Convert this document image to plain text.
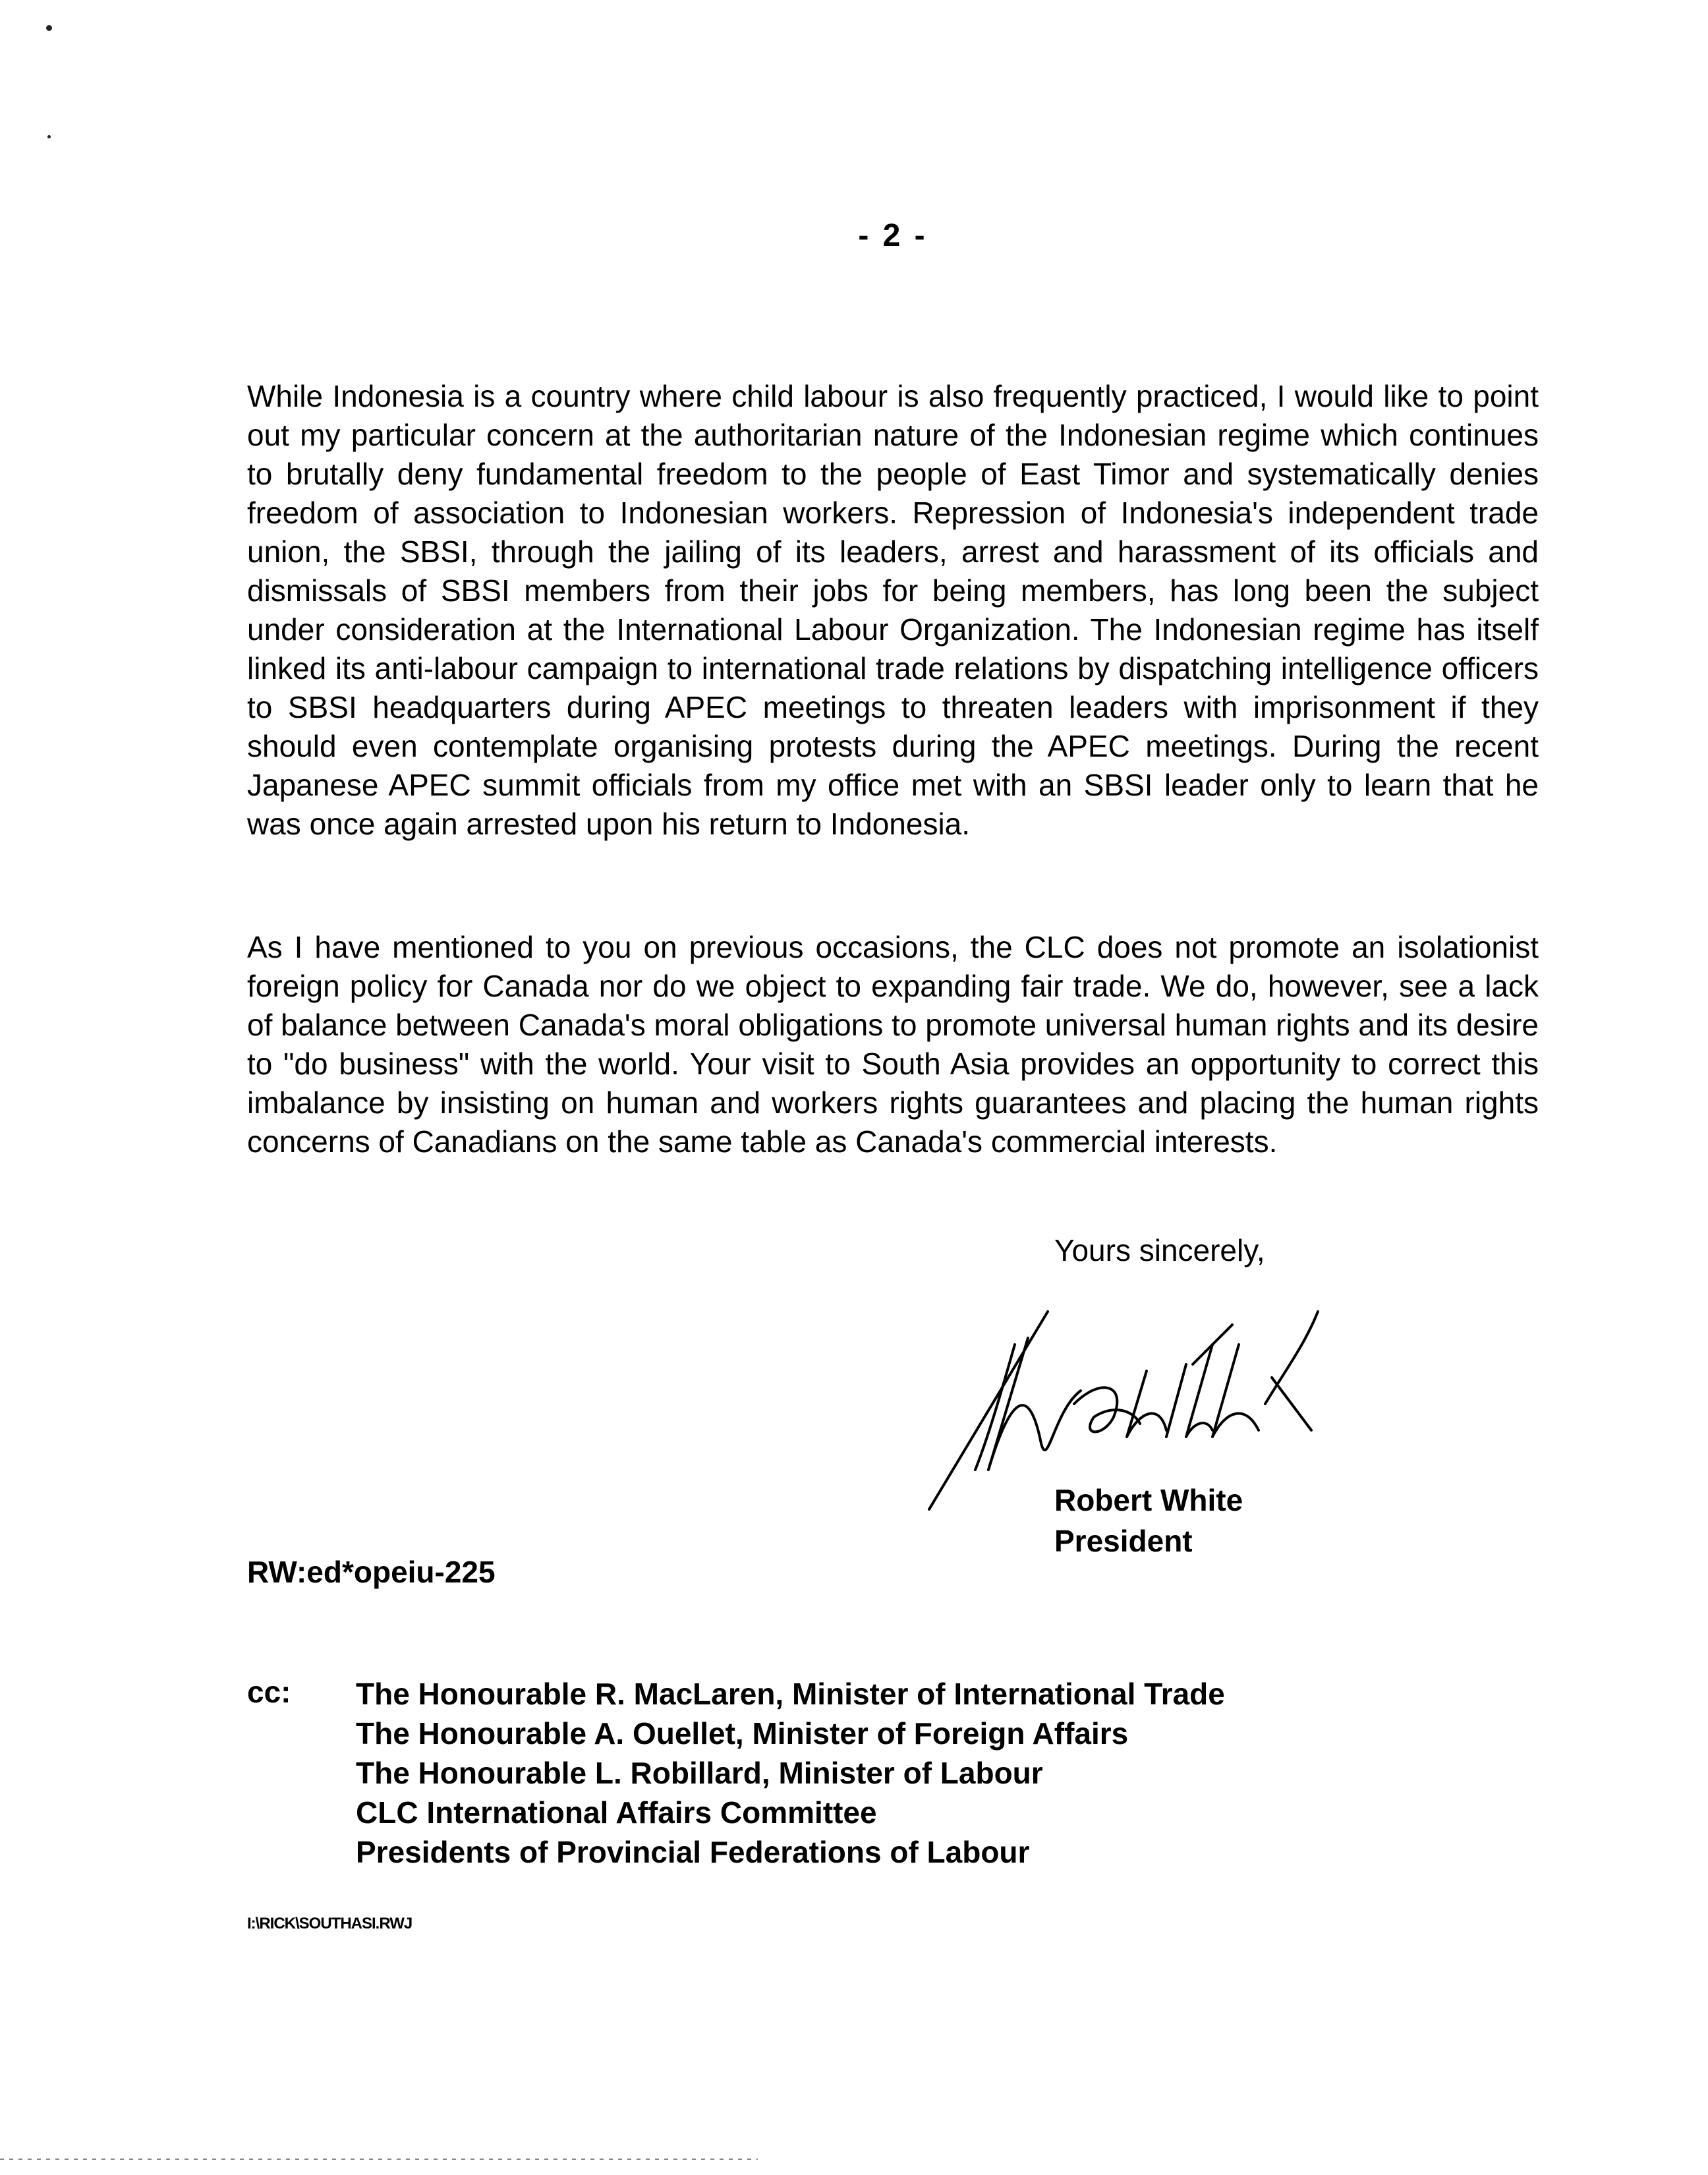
- 2 -

While Indonesia is a country where child labour is also frequently practiced, I would like to point out my particular concern at the authoritarian nature of the Indonesian regime which continues to brutally deny fundamental freedom to the people of East Timor and systematically denies freedom of association to Indonesian workers. Repression of Indonesia's independent trade union, the SBSI, through the jailing of its leaders, arrest and harassment of its officials and dismissals of SBSI members from their jobs for being members, has long been the subject under consideration at the International Labour Organization. The Indonesian regime has itself linked its anti-labour campaign to international trade relations by dispatching intelligence officers to SBSI headquarters during APEC meetings to threaten leaders with imprisonment if they should even contemplate organising protests during the APEC meetings. During the recent Japanese APEC summit officials from my office met with an SBSI leader only to learn that he was once again arrested upon his return to Indonesia.

As I have mentioned to you on previous occasions, the CLC does not promote an isolationist foreign policy for Canada nor do we object to expanding fair trade. We do, however, see a lack of balance between Canada's moral obligations to promote universal human rights and its desire to "do business" with the world. Your visit to South Asia provides an opportunity to correct this imbalance by insisting on human and workers rights guarantees and placing the human rights concerns of Canadians on the same table as Canada's commercial interests.

Yours sincerely,
Robert White
President
RW:ed*opeiu-225
cc: The Honourable R. MacLaren, Minister of International Trade
The Honourable A. Ouellet, Minister of Foreign Affairs
The Honourable L. Robillard, Minister of Labour
CLC International Affairs Committee
Presidents of Provincial Federations of Labour
I:\RICK\SOUTHASI.RWJ
